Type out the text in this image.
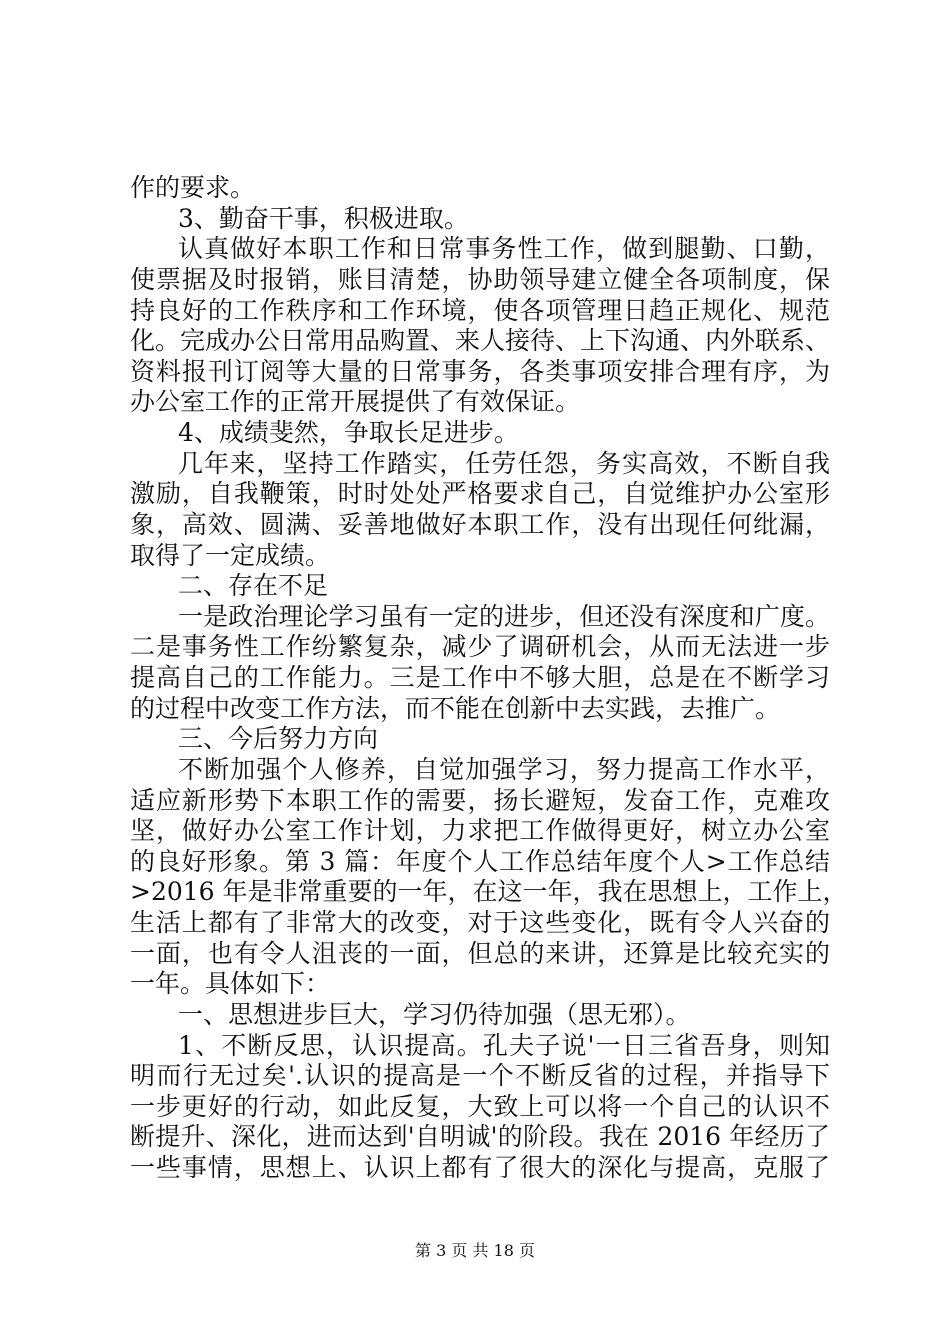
作的要求。
3、勤奋干事，积极进取。
认真做好本职工作和日常事务性工作，做到腿勤、口勤，
使票据及时报销，账目清楚，协助领导建立健全各项制度，保
持良好的工作秩序和工作环境，使各项管理日趋正规化、规范
化。完成办公日常用品购置、来人接待、上下沟通、内外联系、
资料报刊订阅等大量的日常事务，各类事项安排合理有序，为
办公室工作的正常开展提供了有效保证。
4、成绩斐然，争取长足进步。
几年来，坚持工作踏实，任劳任怨，务实高效，不断自我
激励，自我鞭策，时时处处严格要求自己，自觉维护办公室形
象，高效、圆满、妥善地做好本职工作，没有出现任何纰漏，
取得了一定成绩。
二、存在不足
一是政治理论学习虽有一定的进步，但还没有深度和广度。
二是事务性工作纷繁复杂，减少了调研机会，从而无法进一步
提高自己的工作能力。三是工作中不够大胆，总是在不断学习
的过程中改变工作方法，而不能在创新中去实践，去推广。
三、今后努力方向
不断加强个人修养，自觉加强学习，努力提高工作水平，
适应新形势下本职工作的需要，扬长避短，发奋工作，克难攻
坚，做好办公室工作计划，力求把工作做得更好，树立办公室
的良好形象。第 3 篇：年度个人工作总结年度个人>工作总结
>2016 年是非常重要的一年，在这一年，我在思想上，工作上，
生活上都有了非常大的改变，对于这些变化，既有令人兴奋的
一面，也有令人沮丧的一面，但总的来讲，还算是比较充实的
一年。具体如下：
一、思想进步巨大，学习仍待加强（思无邪）。
1、不断反思，认识提高。孔夫子说'一日三省吾身，则知
明而行无过矣'.认识的提高是一个不断反省的过程，并指导下
一步更好的行动，如此反复，大致上可以将一个自己的认识不
断提升、深化，进而达到'自明诚'的阶段。我在 2016 年经历了
一些事情，思想上、认识上都有了很大的深化与提高，克服了
第 3 页 共 18 页
